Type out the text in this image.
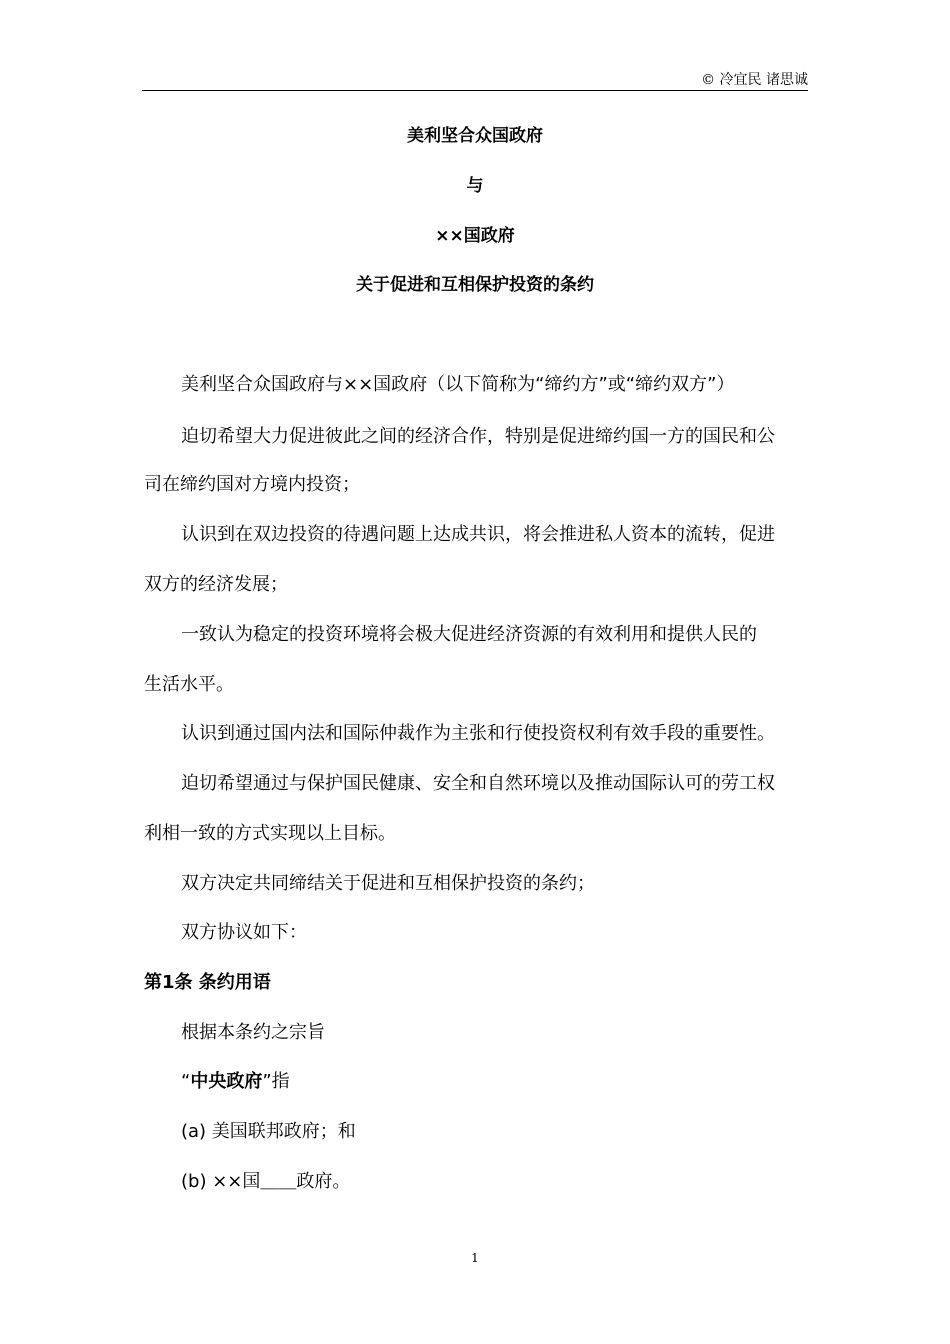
© 冷宜民 诸思诚
美利坚合众国政府
与
××国政府
关于促进和互相保护投资的条约
美利坚合众国政府与××国政府（以下简称为“缔约方”或“缔约双方”）
迫切希望大力促进彼此之间的经济合作，特别是促进缔约国一方的国民和公
司在缔约国对方境内投资；
认识到在双边投资的待遇问题上达成共识，将会推进私人资本的流转，促进
双方的经济发展；
一致认为稳定的投资环境将会极大促进经济资源的有效利用和提供人民的
生活水平。
认识到通过国内法和国际仲裁作为主张和行使投资权利有效手段的重要性。
迫切希望通过与保护国民健康、安全和自然环境以及推动国际认可的劳工权
利相一致的方式实现以上目标。
双方决定共同缔结关于促进和互相保护投资的条约；
双方协议如下：
第1条 条约用语
根据本条约之宗旨
“中央政府”指
(a) 美国联邦政府；和
(b) ××国＿＿政府。
1
